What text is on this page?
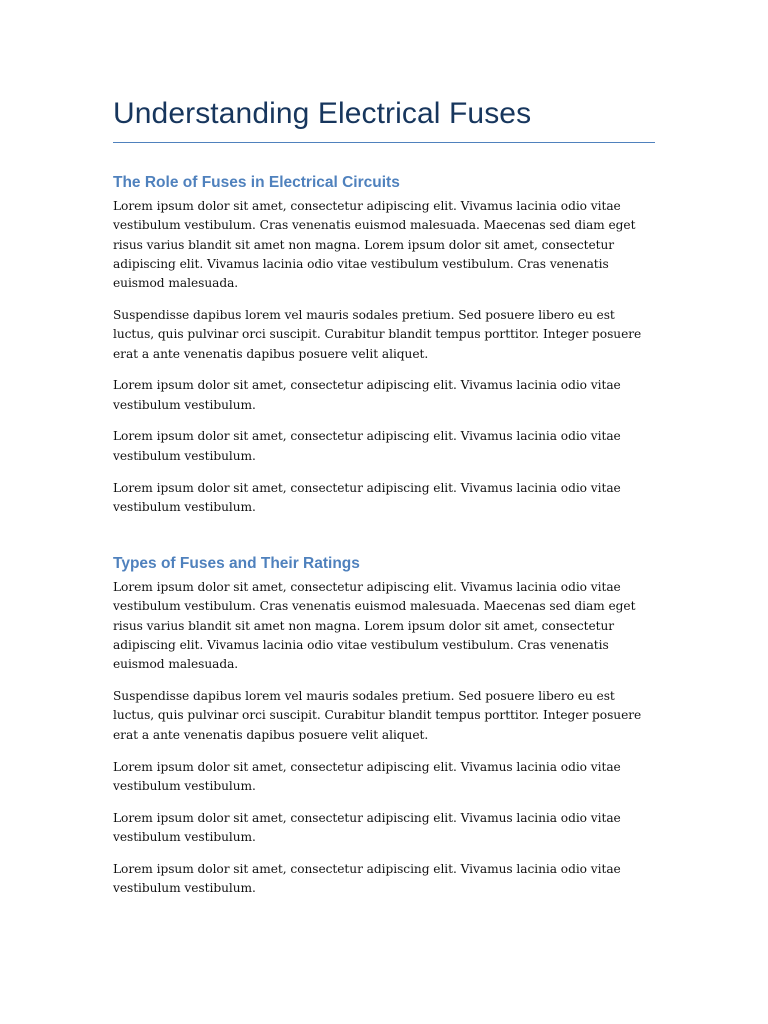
Understanding Electrical Fuses
The Role of Fuses in Electrical Circuits

Lorem ipsum dolor sit amet, consectetur adipiscing elit. Vivamus lacinia odio vitae vestibulum vestibulum. Cras venenatis euismod malesuada. Maecenas sed diam eget risus varius blandit sit amet non magna. Lorem ipsum dolor sit amet, consectetur adipiscing elit. Vivamus lacinia odio vitae vestibulum vestibulum. Cras venenatis euismod malesuada.

Suspendisse dapibus lorem vel mauris sodales pretium. Sed posuere libero eu est luctus, quis pulvinar orci suscipit. Curabitur blandit tempus porttitor. Integer posuere erat a ante venenatis dapibus posuere velit aliquet.

Lorem ipsum dolor sit amet, consectetur adipiscing elit. Vivamus lacinia odio vitae vestibulum vestibulum.

Lorem ipsum dolor sit amet, consectetur adipiscing elit. Vivamus lacinia odio vitae vestibulum vestibulum.

Lorem ipsum dolor sit amet, consectetur adipiscing elit. Vivamus lacinia odio vitae vestibulum vestibulum.

Types of Fuses and Their Ratings

Lorem ipsum dolor sit amet, consectetur adipiscing elit. Vivamus lacinia odio vitae vestibulum vestibulum. Cras venenatis euismod malesuada. Maecenas sed diam eget risus varius blandit sit amet non magna. Lorem ipsum dolor sit amet, consectetur adipiscing elit. Vivamus lacinia odio vitae vestibulum vestibulum. Cras venenatis euismod malesuada.

Suspendisse dapibus lorem vel mauris sodales pretium. Sed posuere libero eu est luctus, quis pulvinar orci suscipit. Curabitur blandit tempus porttitor. Integer posuere erat a ante venenatis dapibus posuere velit aliquet.

Lorem ipsum dolor sit amet, consectetur adipiscing elit. Vivamus lacinia odio vitae vestibulum vestibulum.

Lorem ipsum dolor sit amet, consectetur adipiscing elit. Vivamus lacinia odio vitae vestibulum vestibulum.

Lorem ipsum dolor sit amet, consectetur adipiscing elit. Vivamus lacinia odio vitae vestibulum vestibulum.
